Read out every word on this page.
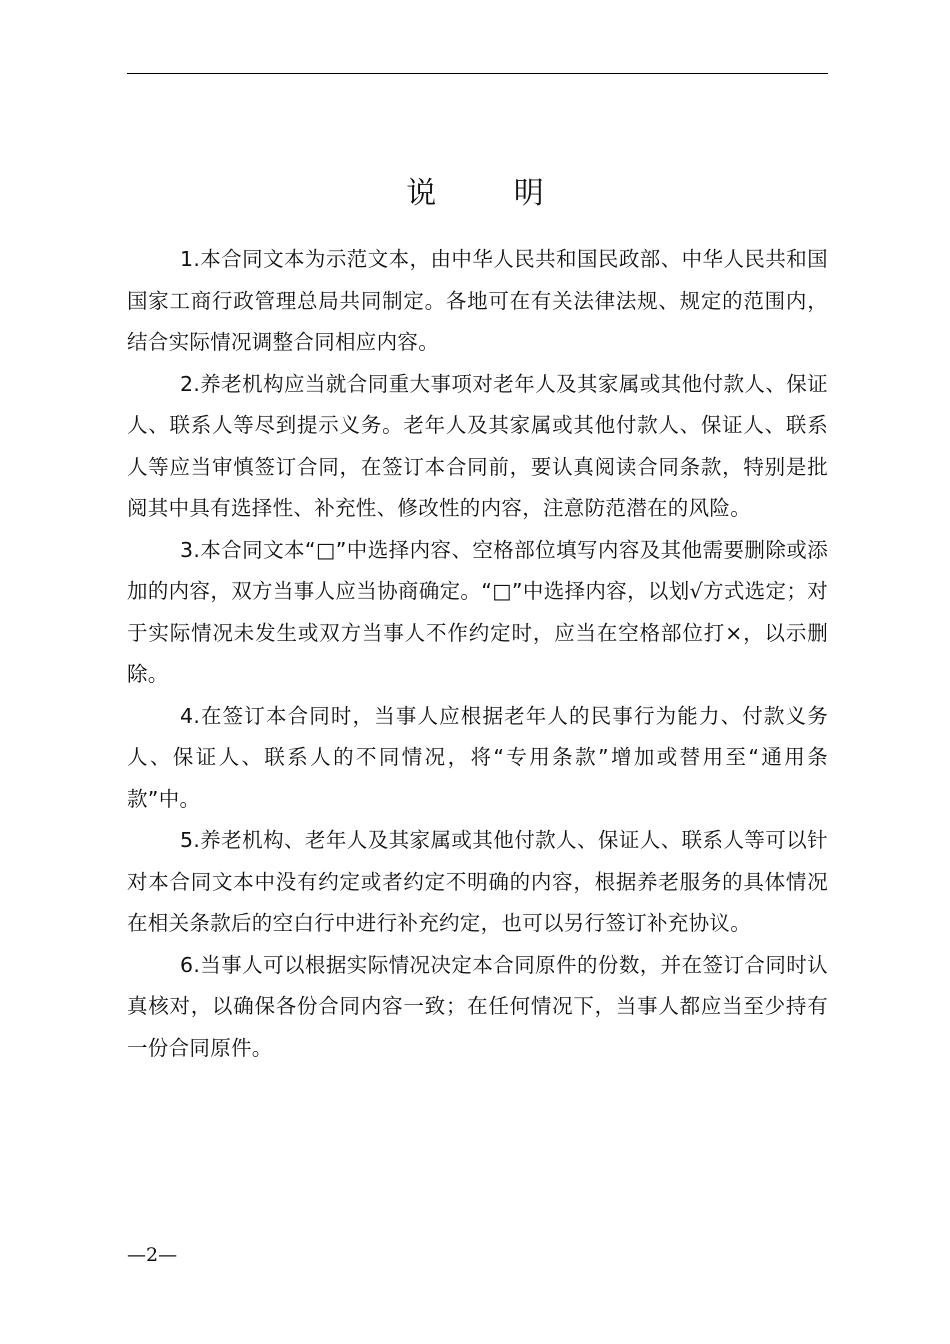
说 明

1.本合同文本为示范文本，由中华人民共和国民政部、中华人民共和国国家工商行政管理总局共同制定。各地可在有关法律法规、规定的范围内，结合实际情况调整合同相应内容。

2.养老机构应当就合同重大事项对老年人及其家属或其他付款人、保证人、联系人等尽到提示义务。老年人及其家属或其他付款人、保证人、联系人等应当审慎签订合同，在签订本合同前，要认真阅读合同条款，特别是批阅其中具有选择性、补充性、修改性的内容，注意防范潜在的风险。

3.本合同文本“□”中选择内容、空格部位填写内容及其他需要删除或添加的内容，双方当事人应当协商确定。“□”中选择内容，以划√方式选定；对于实际情况未发生或双方当事人不作约定时，应当在空格部位打×，以示删除。

4.在签订本合同时，当事人应根据老年人的民事行为能力、付款义务人、保证人、联系人的不同情况，将“专用条款”增加或替用至“通用条款”中。

5.养老机构、老年人及其家属或其他付款人、保证人、联系人等可以针对本合同文本中没有约定或者约定不明确的内容，根据养老服务的具体情况在相关条款后的空白行中进行补充约定，也可以另行签订补充协议。

6.当事人可以根据实际情况决定本合同原件的份数，并在签订合同时认真核对，以确保各份合同内容一致；在任何情况下，当事人都应当至少持有一份合同原件。

—2—
